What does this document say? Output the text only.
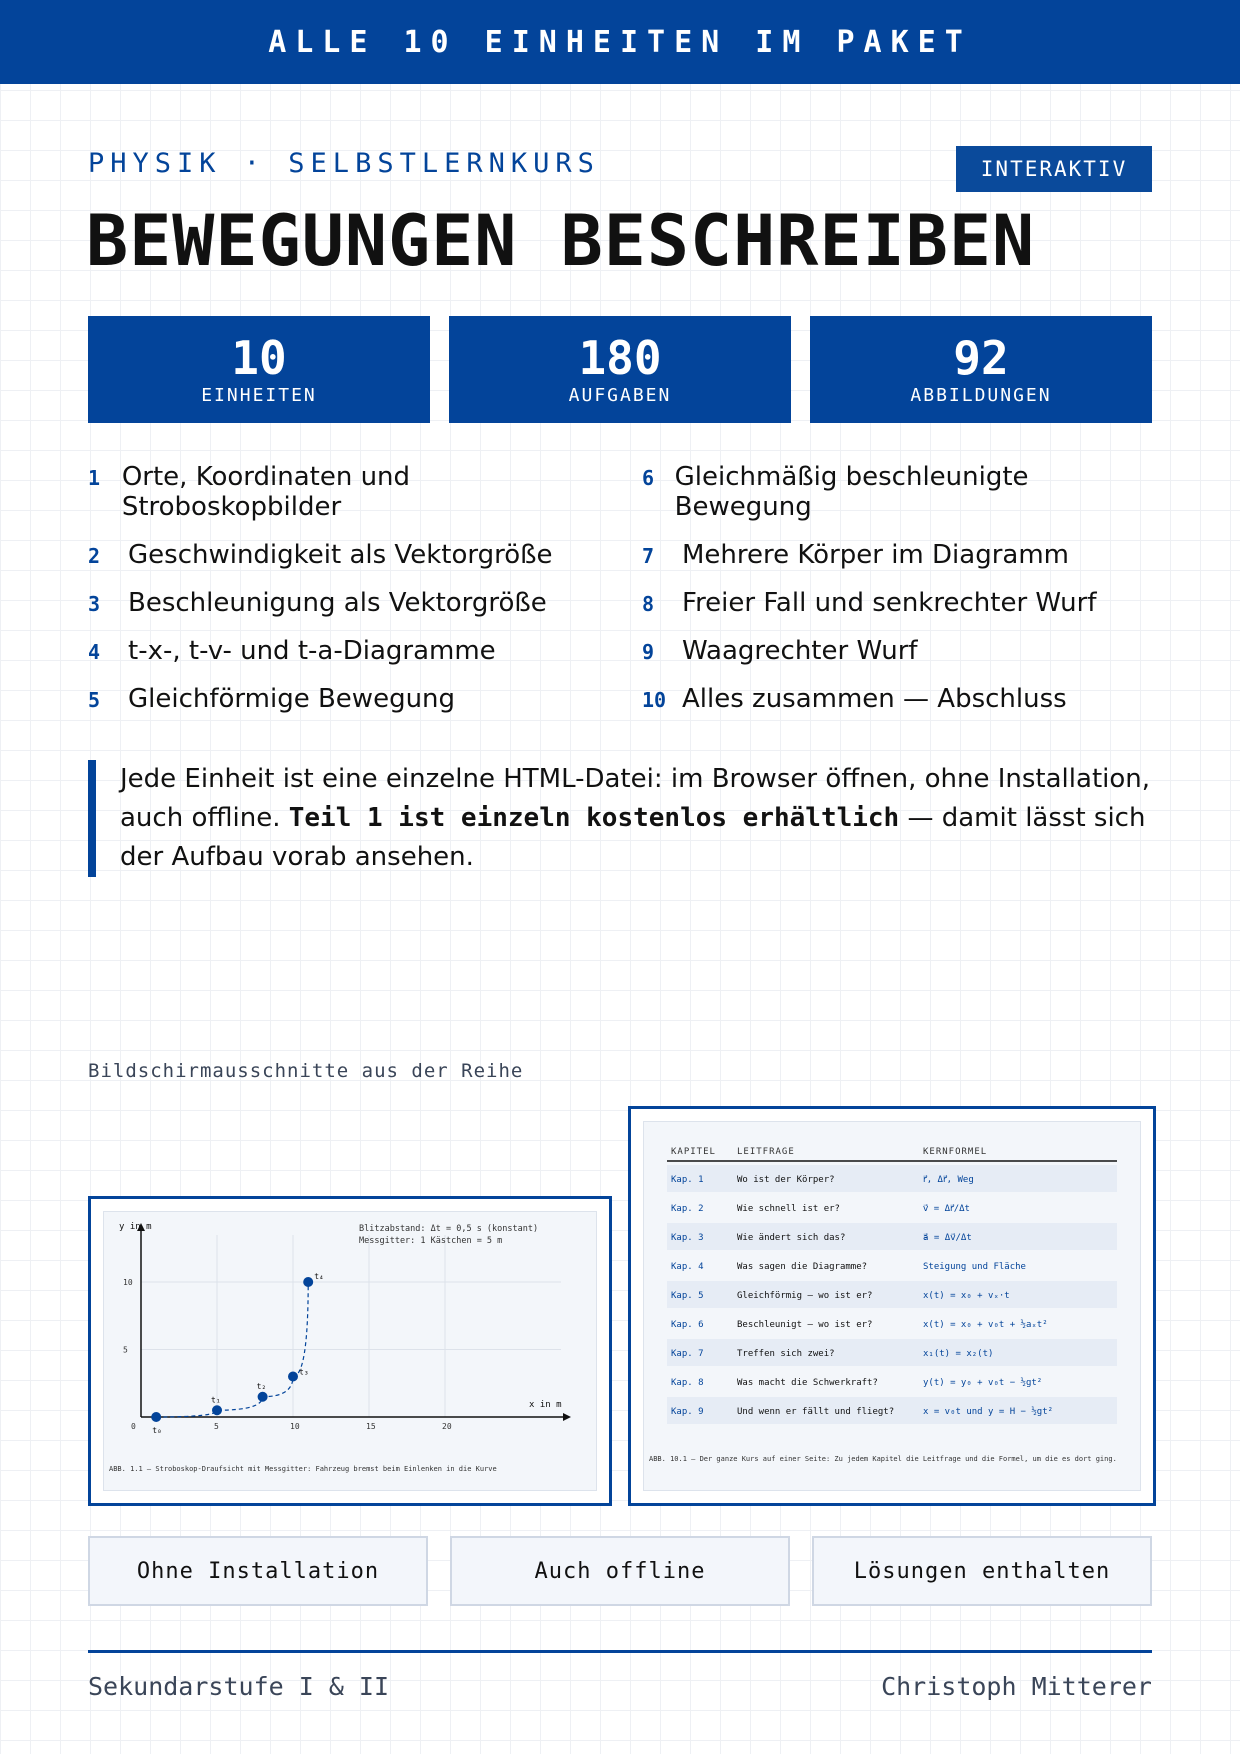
ALLE 10 EINHEITEN IM PAKET
PHYSIK · SELBSTLERNKURS	INTERAKTIV
BEWEGUNGEN BESCHREIBEN
10
EINHEITEN
180
AUFGABEN
92
ABBILDUNGEN
1 Orte, Koordinaten und Stroboskopbilder
2	Geschwindigkeit als Vektorgröße
3	Beschleunigung als Vektorgröße
4	t-x-, t-v- und t-a-Diagramme
5	Gleichförmige Bewegung
6 Gleichmäßig beschleunigte Bewegung
7	Mehrere Körper im Diagramm
8	Freier Fall und senkrechter Wurf
9	Waagrechter Wurf
10 Alles zusammen — Abschluss
Jede Einheit ist eine einzelne HTML-Datei: im Browser öffnen, ohne Installation, auch offline. Teil 1 ist einzeln kostenlos erhältlich — damit lässt sich der Aufbau vorab ansehen.
Bildschirmausschnitte aus der Reihe
y in m
x in m
Blitzabstand: Δt = 0,5 s (konstant)
Messgitter: 1 Kästchen = 5 m
0	5	10	15	20
5
10
t₀
t₁
t₂
t₃
t₄
ABB. 1.1 — Stroboskop-Draufsicht mit Messgitter: Fahrzeug bremst beim Einlenken in die Kurve
KAPITEL LEITFRAGE	KERNFORMEL
Kap. 1	Wo ist der Körper?	r⃗, Δr⃗, Weg
Kap. 2	Wie schnell ist er?	v⃗ = Δr⃗/Δt
Kap. 3	Wie ändert sich das?	a⃗ = Δv⃗/Δt
Kap. 4	Was sagen die Diagramme?	Steigung und Fläche
Kap. 5	Gleichförmig — wo ist er?	x(t) = x₀ + vₓ·t
Kap. 6	Beschleunigt — wo ist er?	x(t) = x₀ + v₀t + ½aₓt²
Kap. 7	Treffen sich zwei?	x₁(t) = x₂(t)
Kap. 8	Was macht die Schwerkraft?	y(t) = y₀ + v₀t − ½gt²
Kap. 9	Und wenn er fällt und fliegt?	x = v₀t und y = H − ½gt²
ABB. 10.1 — Der ganze Kurs auf einer Seite: Zu jedem Kapitel die Leitfrage und die Formel, um die es dort ging.
Ohne Installation	Auch offline	Lösungen enthalten
Sekundarstufe I & II	Christoph Mitterer
